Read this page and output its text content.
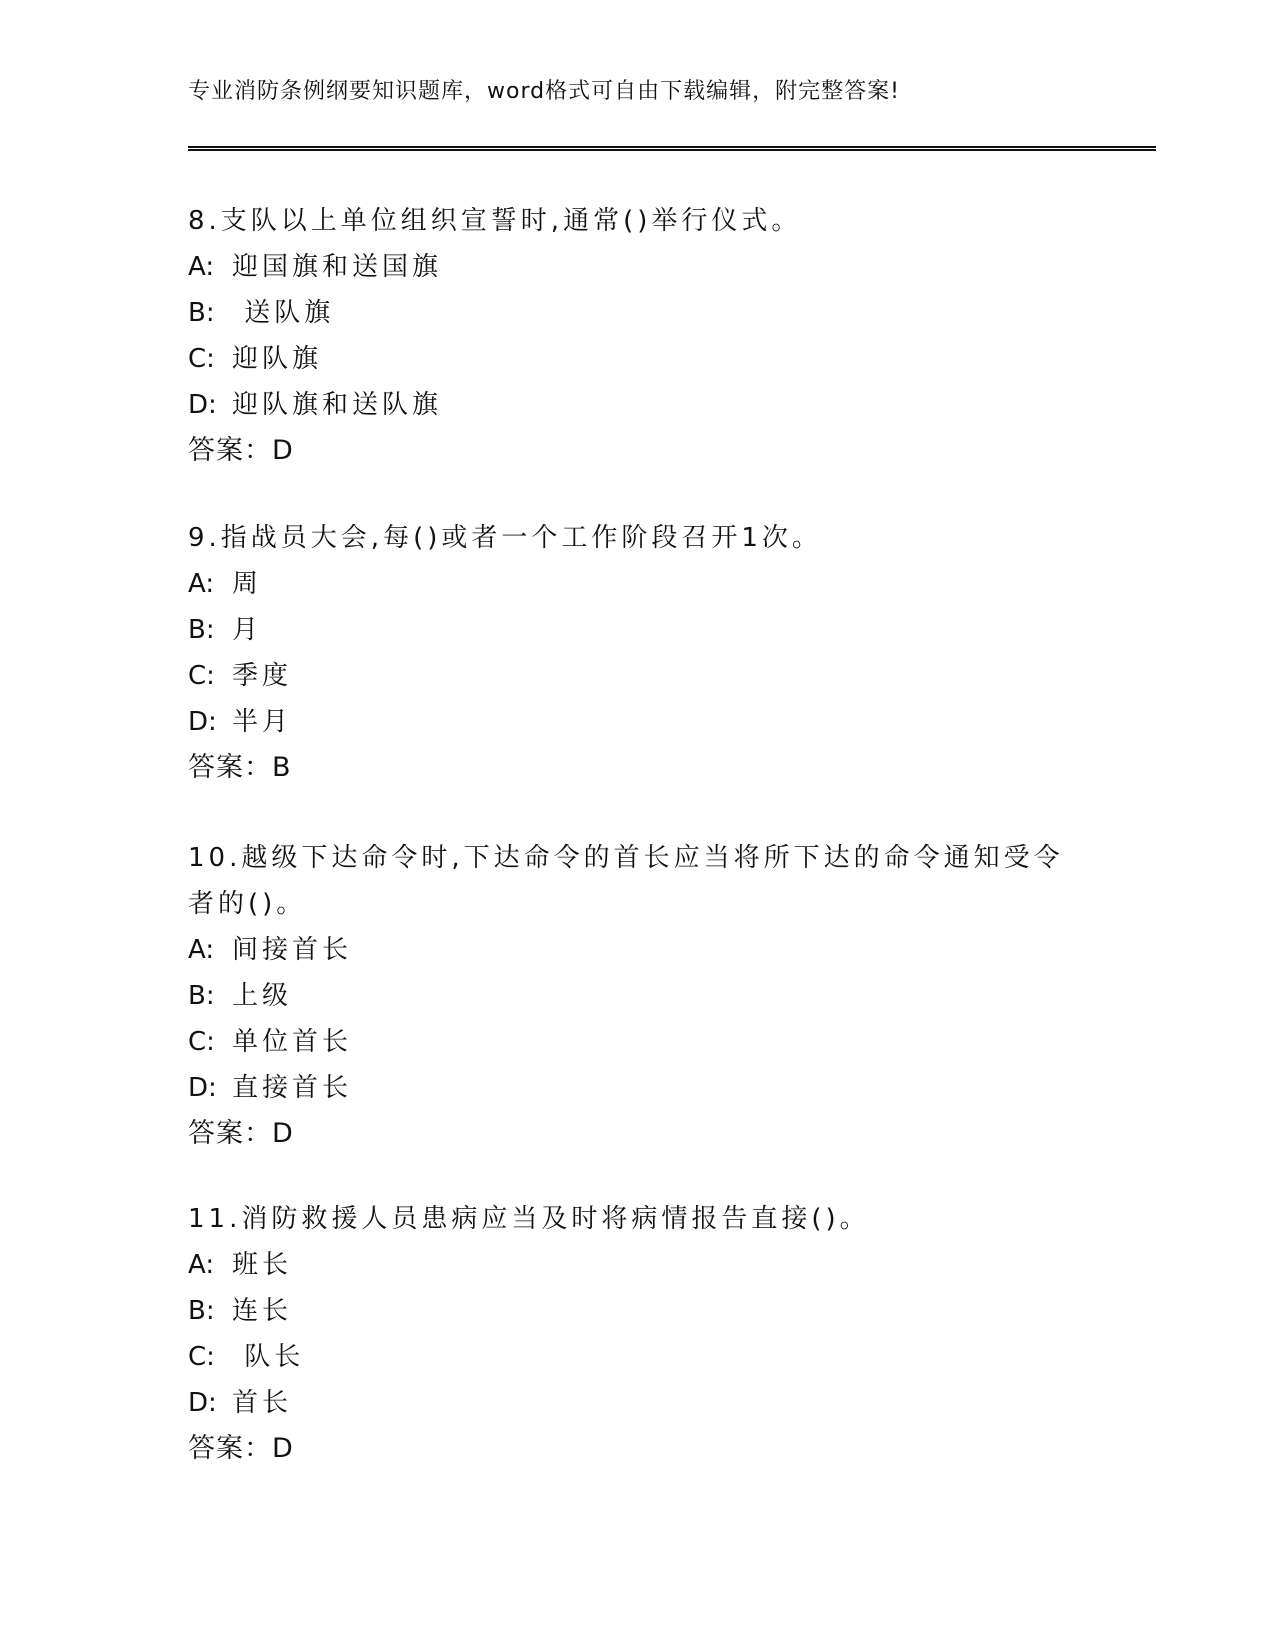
专业消防条例纲要知识题库，word格式可自由下载编辑，附完整答案!
8.支队以上单位组织宣誓时,通常()举行仪式。
A: 迎国旗和送国旗
B: 送队旗
C: 迎队旗
D: 迎队旗和送队旗
答案：D
9.指战员大会,每()或者一个工作阶段召开1次。
A: 周
B: 月
C: 季度
D: 半月
答案：B
10.越级下达命令时,下达命令的首长应当将所下达的命令通知受令者的()。
A: 间接首长
B: 上级
C: 单位首长
D: 直接首长
答案：D
11.消防救援人员患病应当及时将病情报告直接()。
A: 班长
B: 连长
C: 队长
D: 首长
答案：D
